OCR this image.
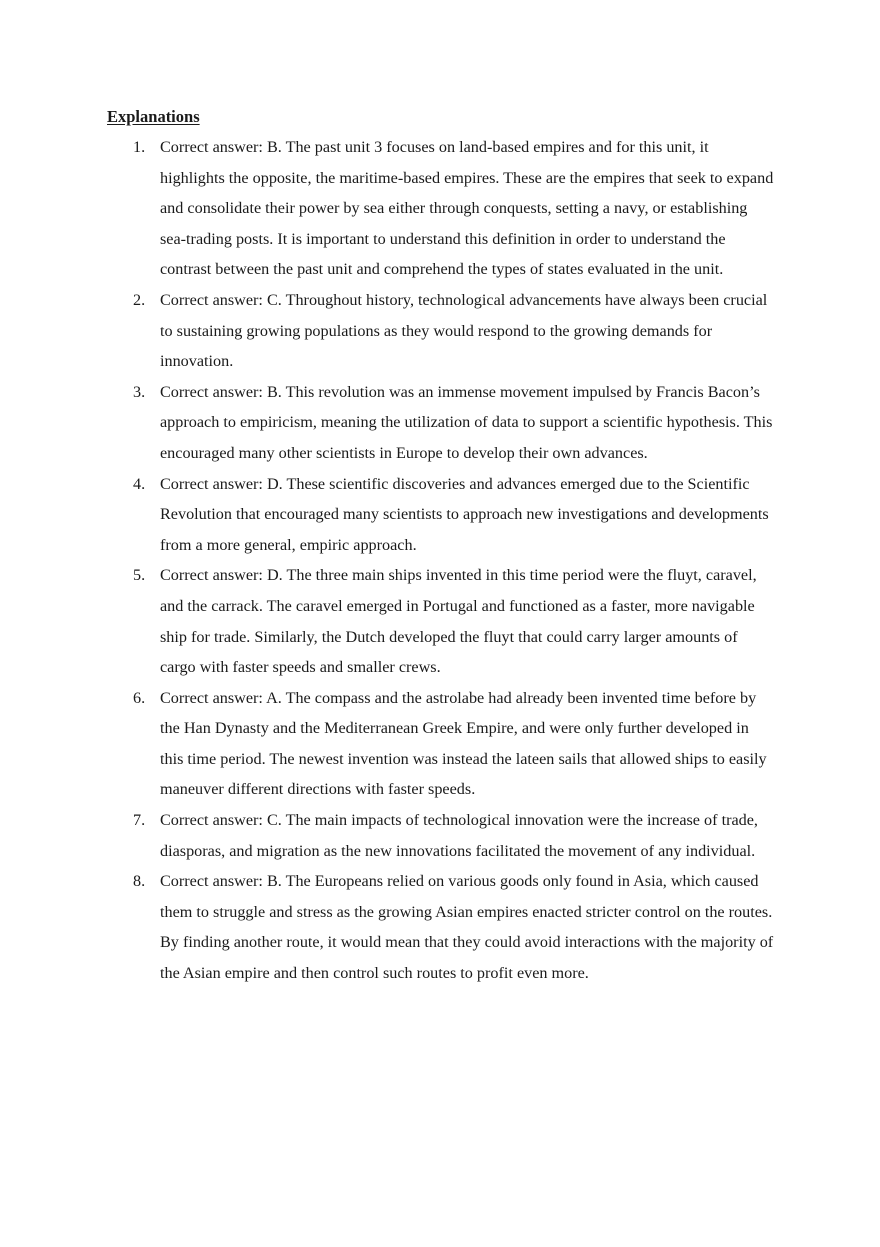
Explanations
1. Correct answer: B. The past unit 3 focuses on land-based empires and for this unit, it highlights the opposite, the maritime-based empires. These are the empires that seek to expand and consolidate their power by sea either through conquests, setting a navy, or establishing sea-trading posts. It is important to understand this definition in order to understand the contrast between the past unit and comprehend the types of states evaluated in the unit.
2. Correct answer: C. Throughout history, technological advancements have always been crucial to sustaining growing populations as they would respond to the growing demands for innovation.
3. Correct answer: B. This revolution was an immense movement impulsed by Francis Bacon’s approach to empiricism, meaning the utilization of data to support a scientific hypothesis. This encouraged many other scientists in Europe to develop their own advances.
4. Correct answer: D. These scientific discoveries and advances emerged due to the Scientific Revolution that encouraged many scientists to approach new investigations and developments from a more general, empiric approach.
5. Correct answer: D. The three main ships invented in this time period were the fluyt, caravel, and the carrack. The caravel emerged in Portugal and functioned as a faster, more navigable ship for trade. Similarly, the Dutch developed the fluyt that could carry larger amounts of cargo with faster speeds and smaller crews.
6. Correct answer: A. The compass and the astrolabe had already been invented time before by the Han Dynasty and the Mediterranean Greek Empire, and were only further developed in this time period. The newest invention was instead the lateen sails that allowed ships to easily maneuver different directions with faster speeds.
7. Correct answer: C. The main impacts of technological innovation were the increase of trade, diasporas, and migration as the new innovations facilitated the movement of any individual.
8. Correct answer: B. The Europeans relied on various goods only found in Asia, which caused them to struggle and stress as the growing Asian empires enacted stricter control on the routes. By finding another route, it would mean that they could avoid interactions with the majority of the Asian empire and then control such routes to profit even more.
